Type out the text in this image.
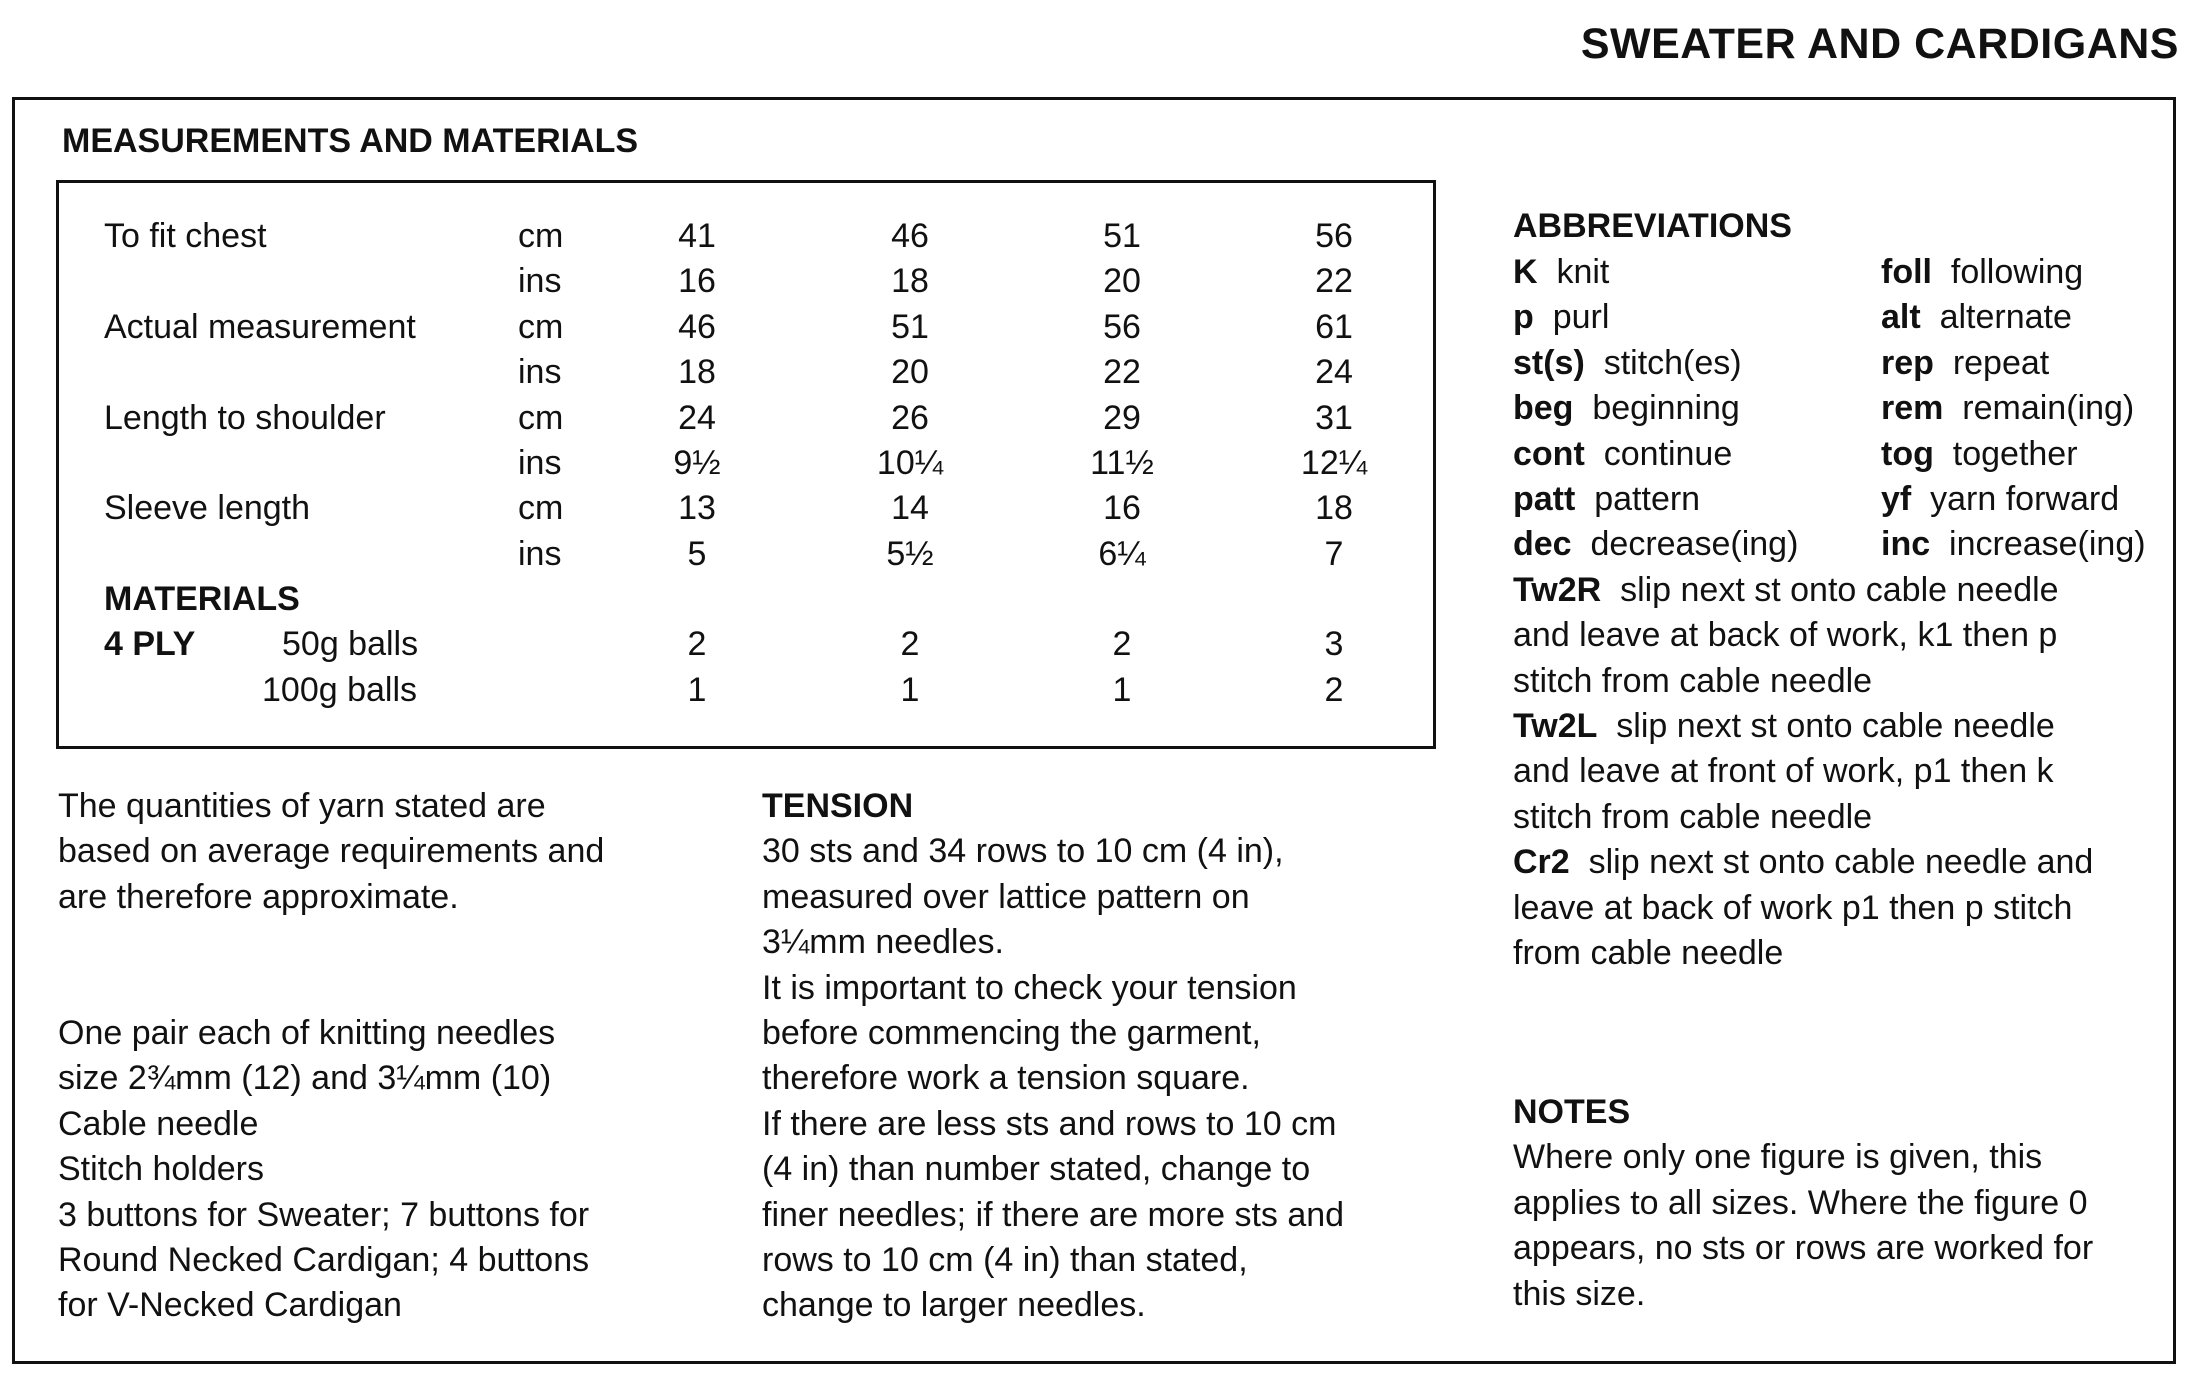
SWEATER AND CARDIGANS
MEASUREMENTS AND MATERIALS
To fit chest	cm	41	46	51	56
ins	16	18	20	22
Actual measurement	cm	46	51	56	61
ins	18	20	22	24
Length to shoulder	cm	24	26	29	31
ins	9½	10¼	11½	12¼
Sleeve length	cm	13	14	16	18
ins	5	5½	6¼	7
MATERIALS
4 PLY	50g balls	2	2	2	3
100g balls	1	1	1	2
The quantities of yarn stated are
based on average requirements and
are therefore approximate.
One pair each of knitting needles
size 2¾mm (12) and 3¼mm (10)
Cable needle
Stitch holders
3 buttons for Sweater; 7 buttons for
Round Necked Cardigan; 4 buttons
for V-Necked Cardigan
TENSION
30 sts and 34 rows to 10 cm (4 in),
measured over lattice pattern on
3¼mm needles.
It is important to check your tension
before commencing the garment,
therefore work a tension square.
If there are less sts and rows to 10 cm
(4 in) than number stated, change to
finer needles; if there are more sts and
rows to 10 cm (4 in) than stated,
change to larger needles.
ABBREVIATIONS
K knit
p purl
st(s) stitch(es)
beg beginning
cont continue
patt pattern
dec decrease(ing)
foll following
alt alternate
rep repeat
rem remain(ing)
tog together
yf yarn forward
inc increase(ing)
Tw2R slip next st onto cable needle
and leave at back of work, k1 then p
stitch from cable needle
Tw2L slip next st onto cable needle
and leave at front of work, p1 then k
stitch from cable needle
Cr2 slip next st onto cable needle and
leave at back of work p1 then p stitch
from cable needle
NOTES
Where only one figure is given, this
applies to all sizes. Where the figure 0
appears, no sts or rows are worked for
this size.
